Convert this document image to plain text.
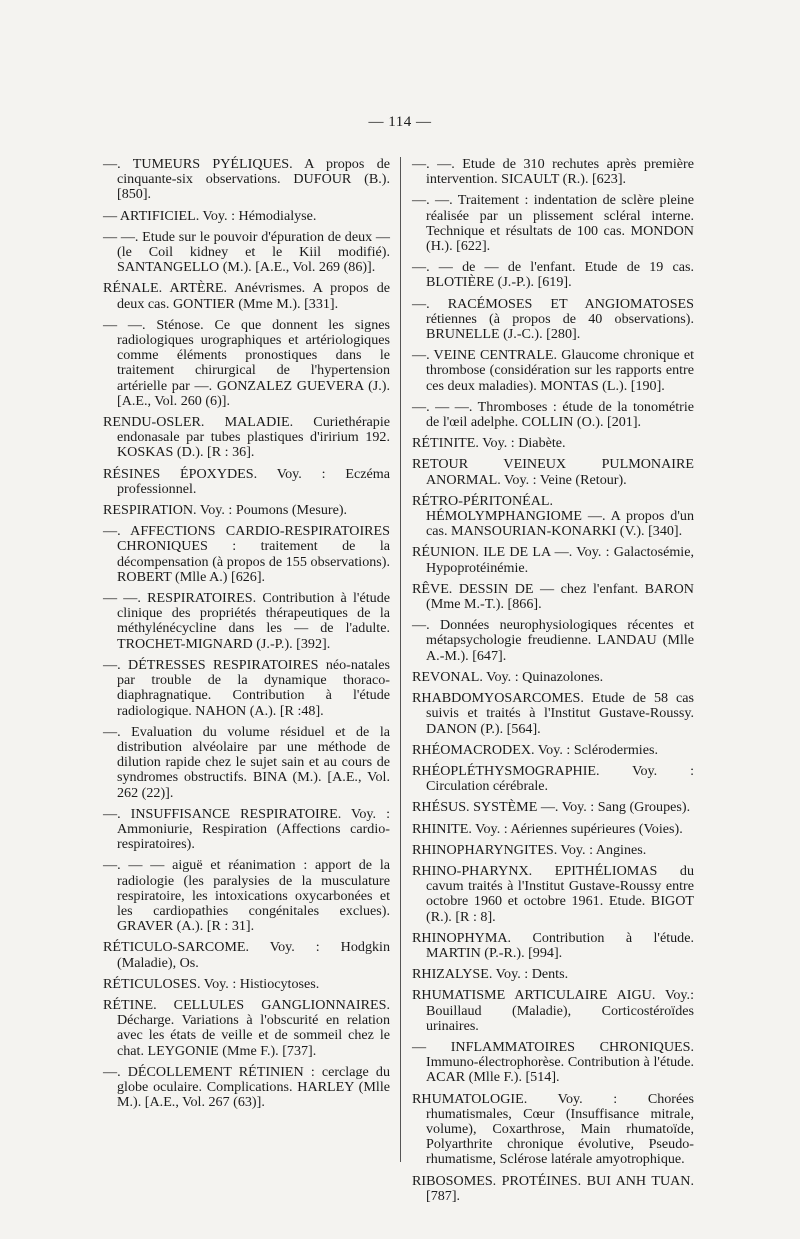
— 114 —

—. TUMEURS PYÉLIQUES. A propos de cinquante-six observations. DUFOUR (B.). [850].

— ARTIFICIEL. Voy. : Hémodialyse.

— —. Etude sur le pouvoir d'épuration de deux — (le Coil kidney et le Kiil modifié). SANTANGELLO (M.). [A.E., Vol. 269 (86)].

RÉNALE. ARTÈRE. Anévrismes. A propos de deux cas. GONTIER (Mme M.). [331].

— —. Sténose. Ce que donnent les signes radiologiques urographiques et artériologiques comme éléments pronostiques dans le traitement chirurgical de l'hypertension artérielle par —. GONZALEZ GUEVERA (J.). [A.E., Vol. 260 (6)].

RENDU-OSLER. MALADIE. Curiethérapie endonasale par tubes plastiques d'iririum 192. KOSKAS (D.). [R : 36].

RÉSINES ÉPOXYDES. Voy. : Eczéma professionnel.

RESPIRATION. Voy. : Poumons (Mesure).

—. AFFECTIONS CARDIO-RESPIRATOIRES CHRONIQUES : traitement de la décompensation (à propos de 155 observations). ROBERT (Mlle A.) [626].

— —. RESPIRATOIRES. Contribution à l'étude clinique des propriétés thérapeutiques de la méthylénécycline dans les — de l'adulte. TROCHET-MIGNARD (J.-P.). [392].

—. DÉTRESSES RESPIRATOIRES néo-natales par trouble de la dynamique thoraco-diaphragnatique. Contribution à l'étude radiologique. NAHON (A.). [R :48].

—. Evaluation du volume résiduel et de la distribution alvéolaire par une méthode de dilution rapide chez le sujet sain et au cours de syndromes obstructifs. BINA (M.). [A.E., Vol. 262 (22)].

—. INSUFFISANCE RESPIRATOIRE. Voy. : Ammoniurie, Respiration (Affections cardio-respiratoires).

—. — — aiguë et réanimation : apport de la radiologie (les paralysies de la musculature respiratoire, les intoxications oxycarbonées et les cardiopathies congénitales exclues). GRAVER (A.). [R : 31].

RÉTICULO-SARCOME. Voy. : Hodgkin (Maladie), Os.

RÉTICULOSES. Voy. : Histiocytoses.

RÉTINE. CELLULES GANGLIONNAIRES. Décharge. Variations à l'obscurité en relation avec les états de veille et de sommeil chez le chat. LEYGONIE (Mme F.). [737].

—. DÉCOLLEMENT RÉTINIEN : cerclage du globe oculaire. Complications. HARLEY (Mlle M.). [A.E., Vol. 267 (63)].

—. —. Etude de 310 rechutes après première intervention. SICAULT (R.). [623].

—. —. Traitement : indentation de sclère pleine réalisée par un plissement scléral interne. Technique et résultats de 100 cas. MONDON (H.). [622].

—. — de — de l'enfant. Etude de 19 cas. BLOTIÈRE (J.-P.). [619].

—. RACÉMOSES ET ANGIOMATOSES rétiennes (à propos de 40 observations). BRUNELLE (J.-C.). [280].

—. VEINE CENTRALE. Glaucome chronique et thrombose (considération sur les rapports entre ces deux maladies). MONTAS (L.). [190].

—. — —. Thromboses : étude de la tonométrie de l'œil adelphe. COLLIN (O.). [201].

RÉTINITE. Voy. : Diabète.

RETOUR VEINEUX PULMONAIRE ANORMAL. Voy. : Veine (Retour).

RÉTRO-PÉRITONÉAL. HÉMOLYMPHANGIOME —. A propos d'un cas. MANSOURIAN-KONARKI (V.). [340].

RÉUNION. ILE DE LA —. Voy. : Galactosémie, Hypoprotéinémie.

RÊVE. DESSIN DE — chez l'enfant. BARON (Mme M.-T.). [866].

—. Données neurophysiologiques récentes et métapsychologie freudienne. LANDAU (Mlle A.-M.). [647].

REVONAL. Voy. : Quinazolones.

RHABDOMYOSARCOMES. Etude de 58 cas suivis et traités à l'Institut Gustave-Roussy. DANON (P.). [564].

RHÉOMACRODEX. Voy. : Sclérodermies.

RHÉOPLÉTHYSMOGRAPHIE. Voy. : Circulation cérébrale.

RHÉSUS. SYSTÈME —. Voy. : Sang (Groupes).

RHINITE. Voy. : Aériennes supérieures (Voies).

RHINOPHARYNGITES. Voy. : Angines.

RHINO-PHARYNX. EPITHÉLIOMAS du cavum traités à l'Institut Gustave-Roussy entre octobre 1960 et octobre 1961. Etude. BIGOT (R.). [R : 8].

RHINOPHYMA. Contribution à l'étude. MARTIN (P.-R.). [994].

RHIZALYSE. Voy. : Dents.

RHUMATISME ARTICULAIRE AIGU. Voy.: Bouillaud (Maladie), Corticostéroïdes urinaires.

— INFLAMMATOIRES CHRONIQUES. Immuno-électrophorèse. Contribution à l'étude. ACAR (Mlle F.). [514].

RHUMATOLOGIE. Voy. : Chorées rhumatismales, Cœur (Insuffisance mitrale, volume), Coxarthrose, Main rhumatoïde, Polyarthrite chronique évolutive, Pseudo-rhumatisme, Sclérose latérale amyotrophique.

RIBOSOMES. PROTÉINES. BUI ANH TUAN. [787].
